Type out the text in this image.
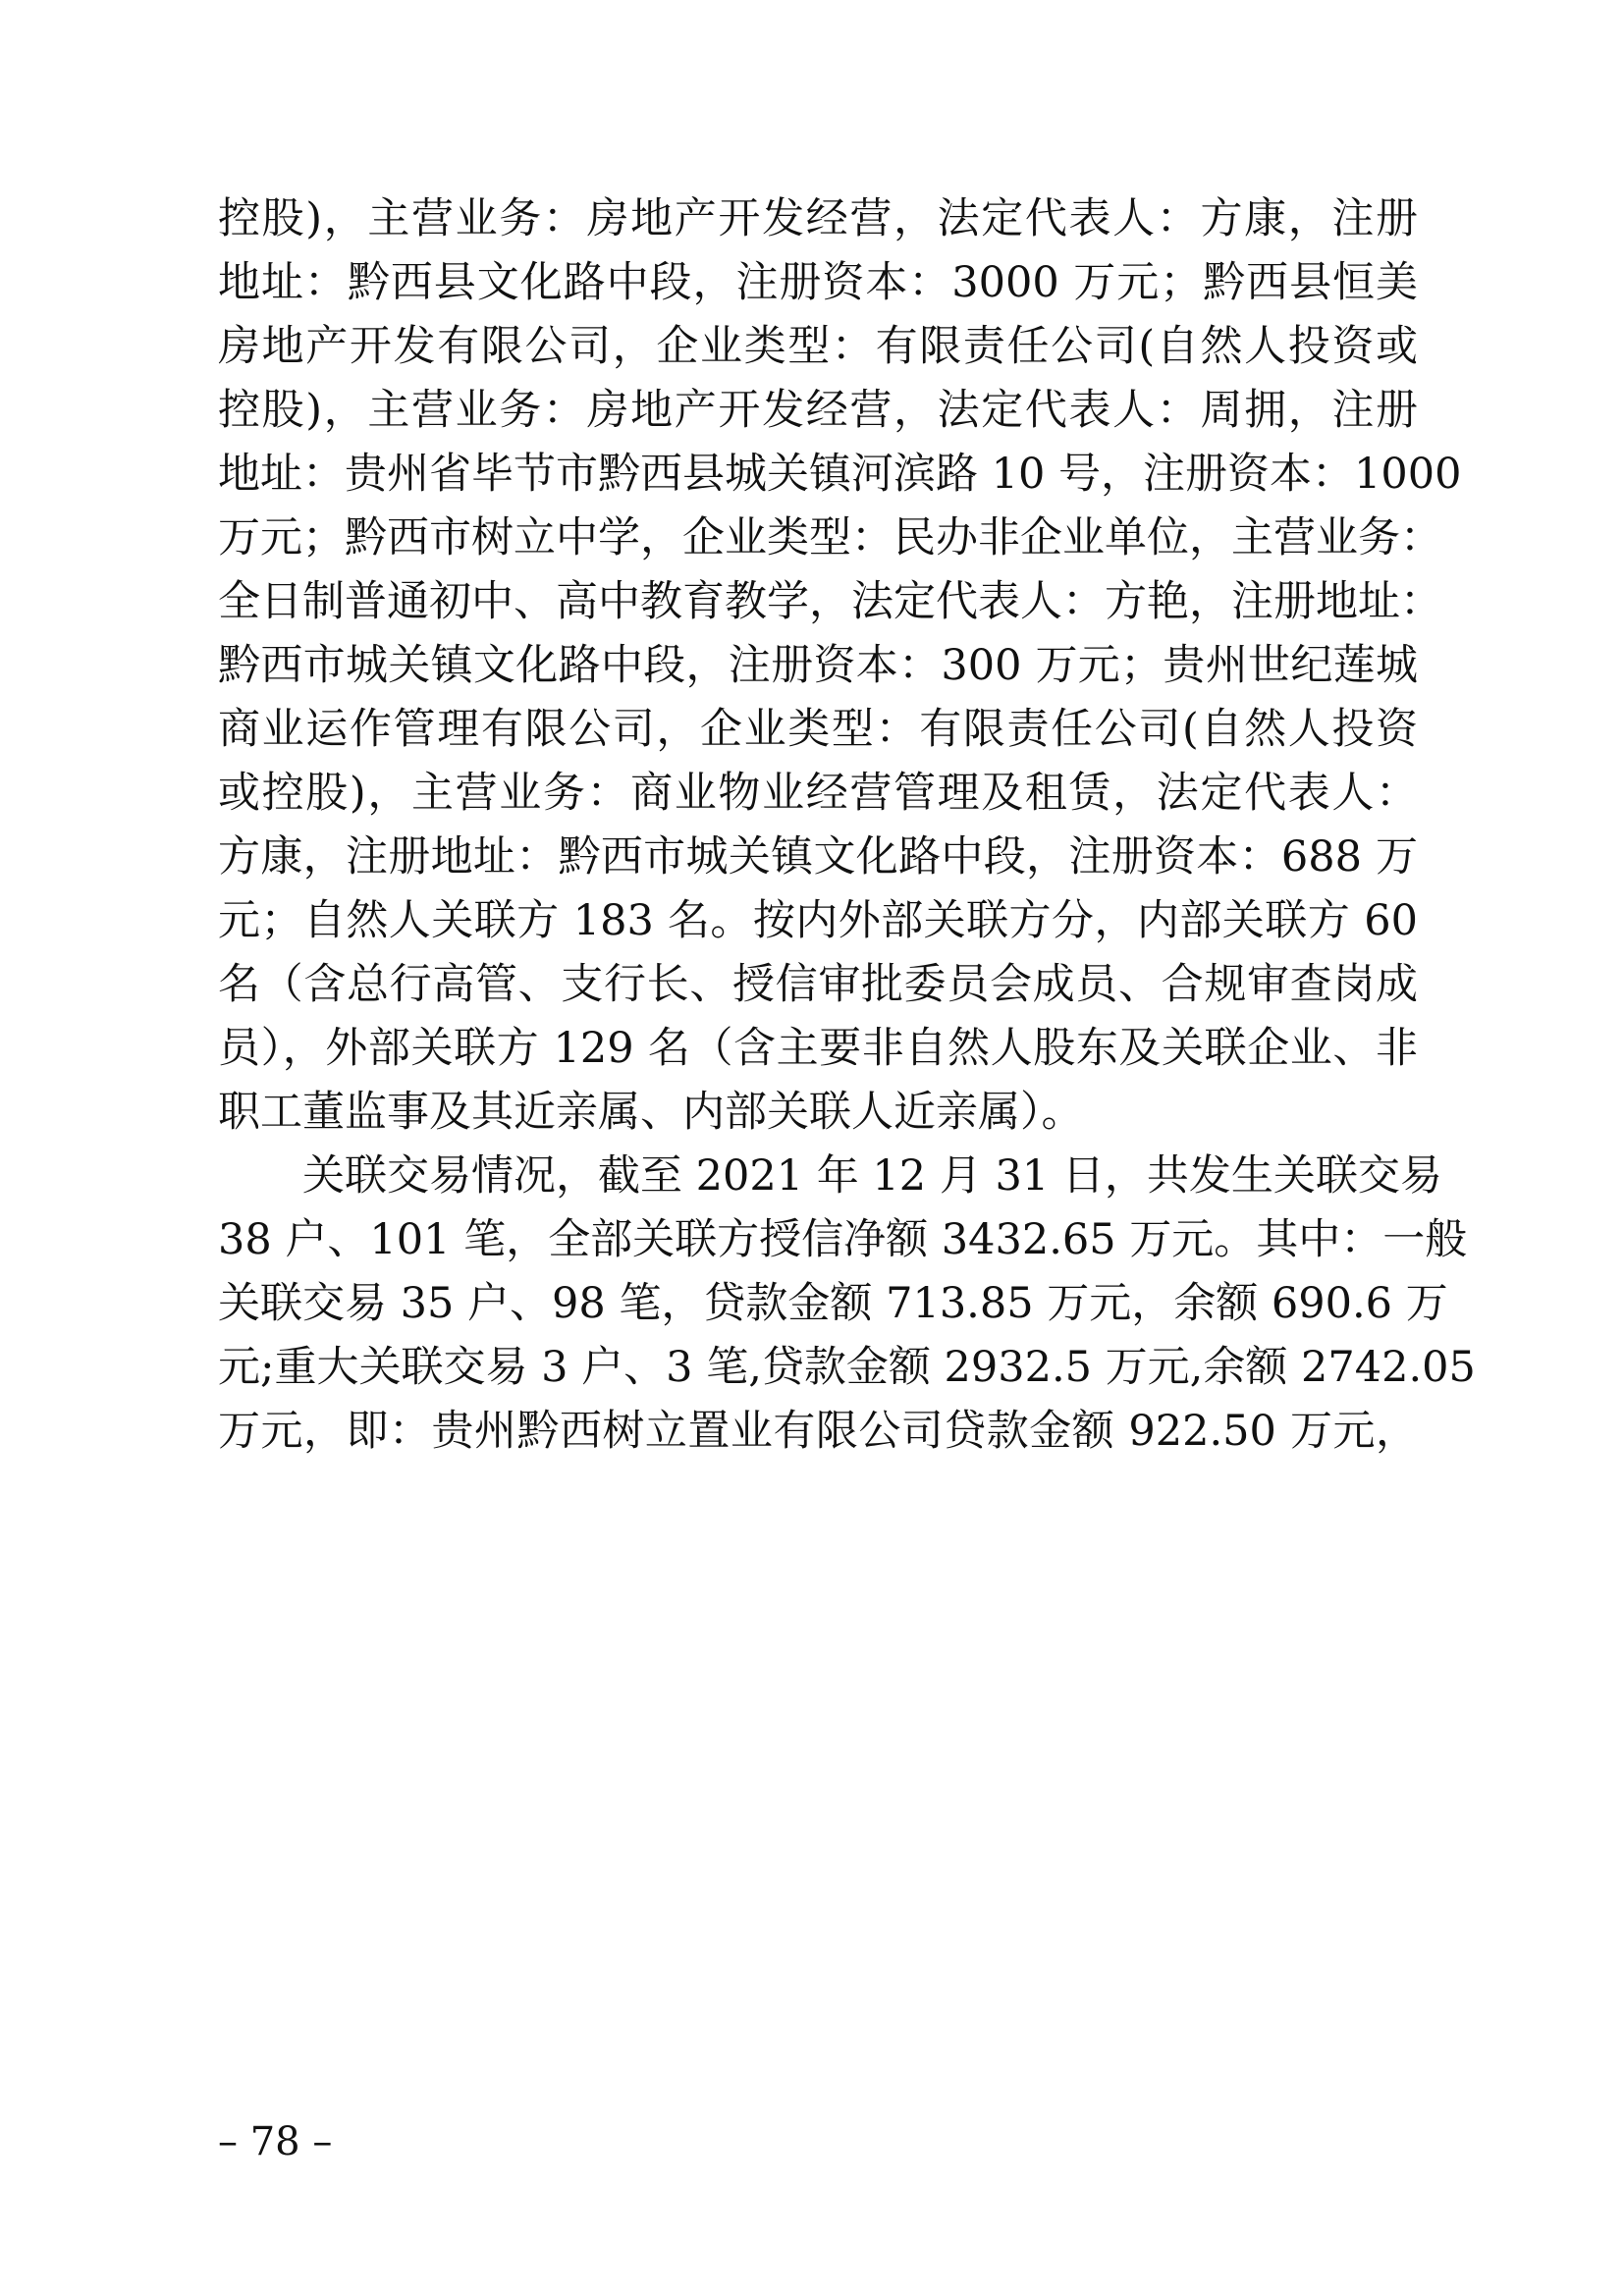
控股)，主营业务：房地产开发经营，法定代表人：方康，注册
地址：黔西县文化路中段，注册资本：3000 万元；黔西县恒美
房地产开发有限公司，企业类型：有限责任公司(自然人投资或
控股)，主营业务：房地产开发经营，法定代表人：周拥，注册
地址：贵州省毕节市黔西县城关镇河滨路 10 号，注册资本：1000
万元；黔西市树立中学，企业类型：民办非企业单位，主营业务：
全日制普通初中、高中教育教学，法定代表人：方艳，注册地址：
黔西市城关镇文化路中段，注册资本：300 万元；贵州世纪莲城
商业运作管理有限公司，企业类型：有限责任公司(自然人投资
或控股)，主营业务：商业物业经营管理及租赁，法定代表人：
方康，注册地址：黔西市城关镇文化路中段，注册资本：688 万
元；自然人关联方 183 名。按内外部关联方分，内部关联方 60
名（含总行高管、支行长、授信审批委员会成员、合规审查岗成
员），外部关联方 129 名（含主要非自然人股东及关联企业、非
职工董监事及其近亲属、内部关联人近亲属）。
　　关联交易情况，截至 2021 年 12 月 31 日，共发生关联交易
38 户、101 笔，全部关联方授信净额 3432.65 万元。其中：一般
关联交易 35 户、98 笔，贷款金额 713.85 万元，余额 690.6 万
元;重大关联交易 3 户、3 笔,贷款金额 2932.5 万元,余额 2742.05
万元，即：贵州黔西树立置业有限公司贷款金额 922.50 万元，
– 78 –
